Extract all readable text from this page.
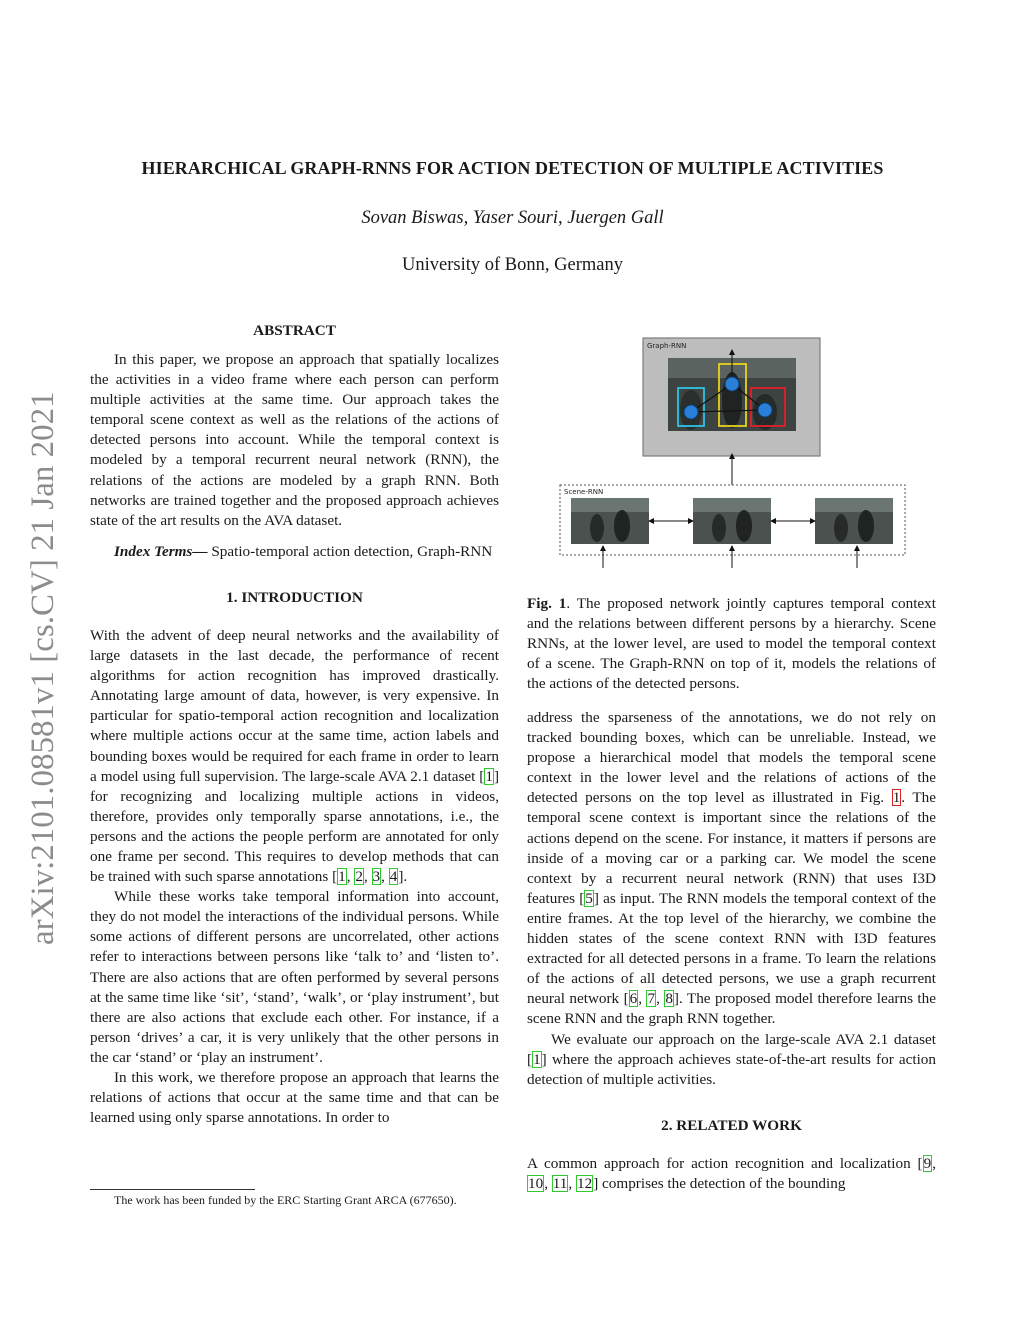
arXiv:2101.08581v1 [cs.CV] 21 Jan 2021
HIERARCHICAL GRAPH-RNNS FOR ACTION DETECTION OF MULTIPLE ACTIVITIES
Sovan Biswas, Yaser Souri, Juergen Gall
University of Bonn, Germany
ABSTRACT

In this paper, we propose an approach that spatially localizes the activities in a video frame where each person can perform multiple activities at the same time. Our approach takes the temporal scene context as well as the relations of the actions of detected persons into account. While the temporal context is modeled by a temporal recurrent neural network (RNN), the relations of the actions are modeled by a graph RNN. Both networks are trained together and the proposed approach achieves state of the art results on the AVA dataset.

Index Terms— Spatio-temporal action detection, Graph-RNN

1. INTRODUCTION

With the advent of deep neural networks and the availability of large datasets in the last decade, the performance of recent algorithms for action recognition has improved drastically. Annotating large amount of data, however, is very expensive. In particular for spatio-temporal action recognition and localization where multiple actions occur at the same time, action labels and bounding boxes would be required for each frame in order to learn a model using full supervision. The large-scale AVA 2.1 dataset [1] for recognizing and localizing multiple actions in videos, therefore, provides only temporally sparse annotations, i.e., the persons and the actions the people perform are annotated for only one frame per second. This requires to develop methods that can be trained with such sparse annotations [1, 2, 3, 4].

While these works take temporal information into account, they do not model the interactions of the individual persons. While some actions of different persons are uncorrelated, other actions refer to interactions between persons like ‘talk to’ and ‘listen to’. There are also actions that are often performed by several persons at the same time like ‘sit’, ‘stand’, ‘walk’, or ‘play instrument’, but there are also actions that exclude each other. For instance, if a person ‘drives’ a car, it is very unlikely that the other persons in the car ‘stand’ or ‘play an instrument’.

In this work, we therefore propose an approach that learns the relations of actions that occur at the same time and that can be learned using only sparse annotations. In order to

The work has been funded by the ERC Starting Grant ARCA (677650).
Graph-RNN
Scene-RNN
Fig. 1. The proposed network jointly captures temporal context and the relations between different persons by a hierarchy. Scene RNNs, at the lower level, are used to model the temporal context of a scene. The Graph-RNN on top of it, models the relations of the actions of the detected persons.

address the sparseness of the annotations, we do not rely on tracked bounding boxes, which can be unreliable. Instead, we propose a hierarchical model that models the temporal scene context in the lower level and the relations of actions of the detected persons on the top level as illustrated in Fig. 1. The temporal scene context is important since the relations of the actions depend on the scene. For instance, it matters if persons are inside of a moving car or a parking car. We model the scene context by a recurrent neural network (RNN) that uses I3D features [5] as input. The RNN models the temporal context of the entire frames. At the top level of the hierarchy, we combine the hidden states of the scene context RNN with I3D features extracted for all detected persons in a frame. To learn the relations of the actions of all detected persons, we use a graph recurrent neural network [6, 7, 8]. The proposed model therefore learns the scene RNN and the graph RNN together.

We evaluate our approach on the large-scale AVA 2.1 dataset [1] where the approach achieves state-of-the-art results for action detection of multiple activities.

2. RELATED WORK

A common approach for action recognition and localization [9, 10, 11, 12] comprises the detection of the bounding
